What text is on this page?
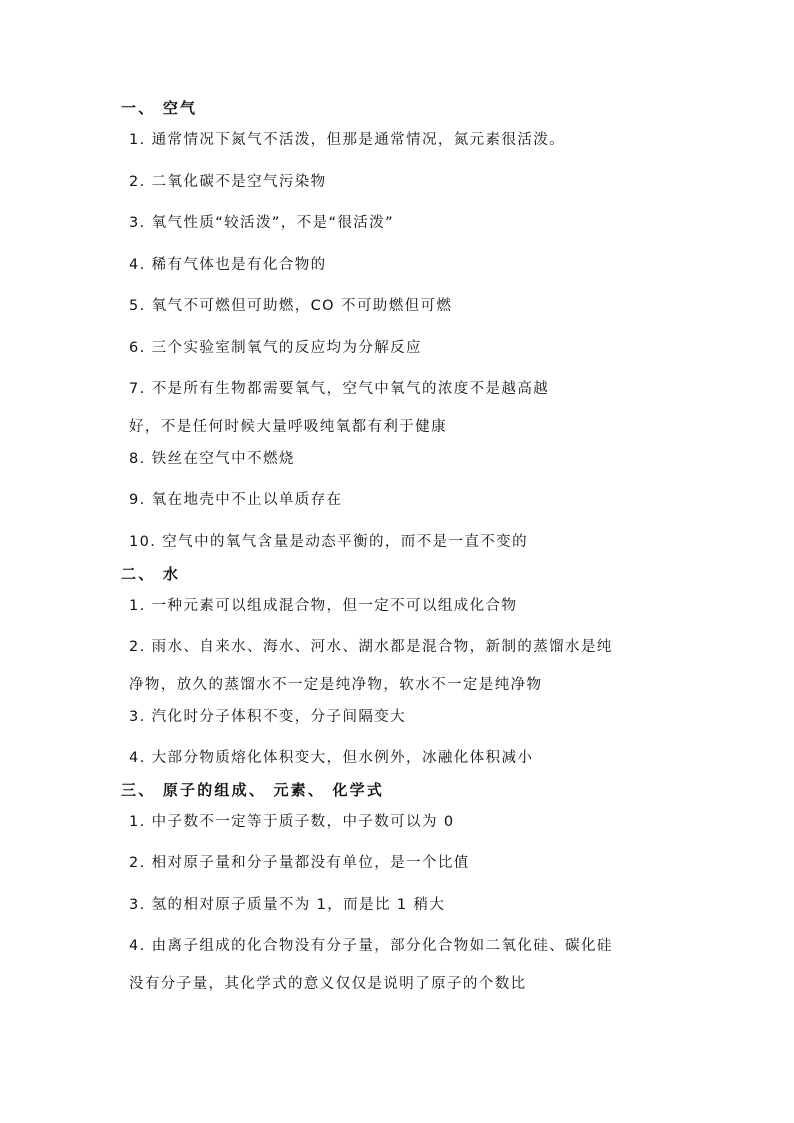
一、 空气
1. 通常情况下氮气不活泼，但那是通常情况，氮元素很活泼。
2. 二氧化碳不是空气污染物
3. 氧气性质“较活泼”，不是“很活泼”
4. 稀有气体也是有化合物的
5. 氧气不可燃但可助燃，CO 不可助燃但可燃
6. 三个实验室制氧气的反应均为分解反应
7. 不是所有生物都需要氧气，空气中氧气的浓度不是越高越
好，不是任何时候大量呼吸纯氧都有利于健康
8. 铁丝在空气中不燃烧
9. 氧在地壳中不止以单质存在
10. 空气中的氧气含量是动态平衡的，而不是一直不变的
二、 水
1. 一种元素可以组成混合物，但一定不可以组成化合物
2. 雨水、自来水、海水、河水、湖水都是混合物，新制的蒸馏水是纯
净物，放久的蒸馏水不一定是纯净物，软水不一定是纯净物
3. 汽化时分子体积不变，分子间隔变大
4. 大部分物质熔化体积变大，但水例外，冰融化体积减小
三、 原子的组成、 元素、 化学式
1. 中子数不一定等于质子数，中子数可以为 0
2. 相对原子量和分子量都没有单位，是一个比值
3. 氢的相对原子质量不为 1，而是比 1 稍大
4. 由离子组成的化合物没有分子量，部分化合物如二氧化硅、碳化硅
没有分子量，其化学式的意义仅仅是说明了原子的个数比
